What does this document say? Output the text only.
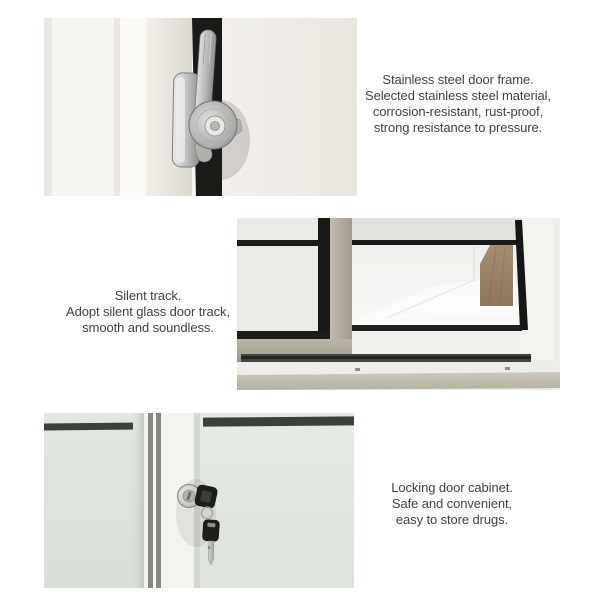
Stainless steel door frame.
Selected stainless steel material,
corrosion-resistant, rust-proof,
strong resistance to pressure.
Silent track.
Adopt silent glass door track,
smooth and soundless.
Locking door cabinet.
Safe and convenient,
easy to store drugs.
